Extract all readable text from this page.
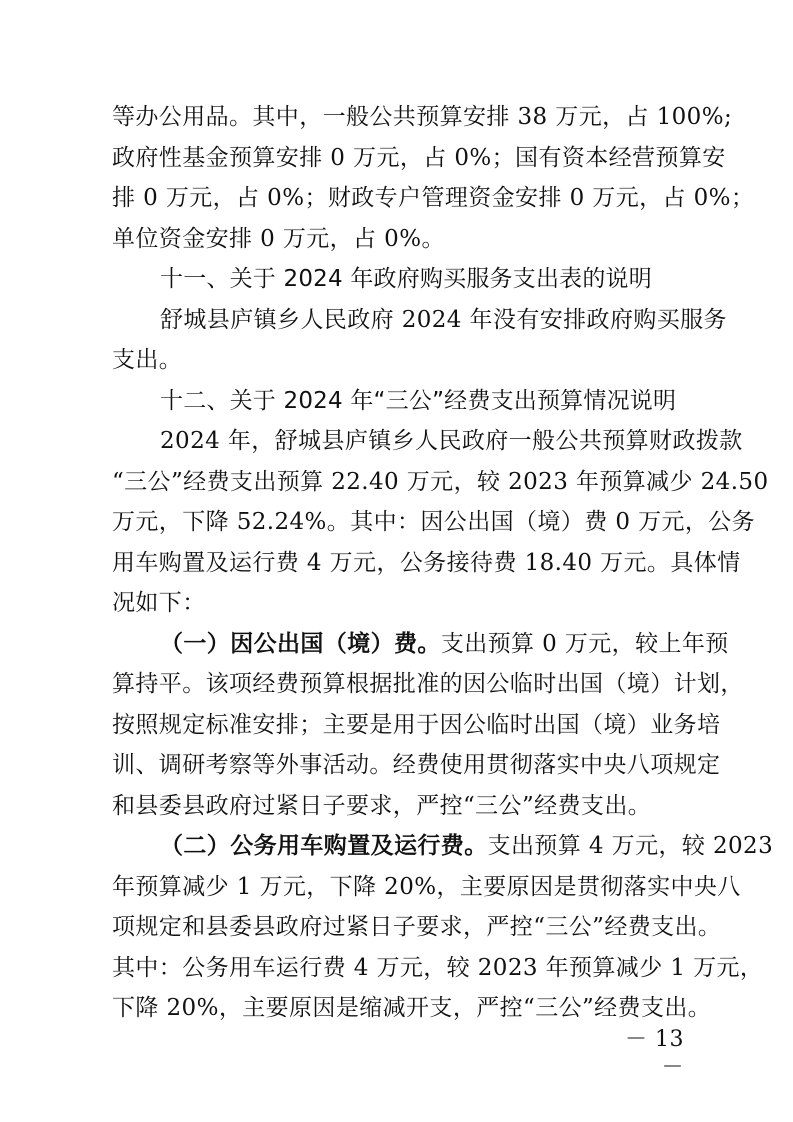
等办公用品。其中，一般公共预算安排 38 万元，占 100%;
政府性基金预算安排 0 万元，占 0%；国有资本经营预算安
排 0 万元，占 0%；财政专户管理资金安排 0 万元，占 0%；
单位资金安排 0 万元，占 0%。
十一、关于 2024 年政府购买服务支出表的说明
舒城县庐镇乡人民政府 2024 年没有安排政府购买服务
支出。
十二、关于 2024 年“三公”经费支出预算情况说明
2024 年，舒城县庐镇乡人民政府一般公共预算财政拨款
“三公”经费支出预算 22.40 万元，较 2023 年预算减少 24.50
万元，下降 52.24%。其中：因公出国（境）费 0 万元，公务
用车购置及运行费 4 万元，公务接待费 18.40 万元。具体情
况如下：
（一）因公出国（境）费。支出预算 0 万元，较上年预
算持平。该项经费预算根据批准的因公临时出国（境）计划，
按照规定标准安排；主要是用于因公临时出国（境）业务培
训、调研考察等外事活动。经费使用贯彻落实中央八项规定
和县委县政府过紧日子要求，严控“三公”经费支出。
（二）公务用车购置及运行费。支出预算 4 万元，较 2023
年预算减少 1 万元，下降 20%，主要原因是贯彻落实中央八
项规定和县委县政府过紧日子要求，严控“三公”经费支出。
其中：公务用车运行费 4 万元，较 2023 年预算减少 1 万元，
下降 20%，主要原因是缩减开支，严控“三公”经费支出。
－ 13 －
